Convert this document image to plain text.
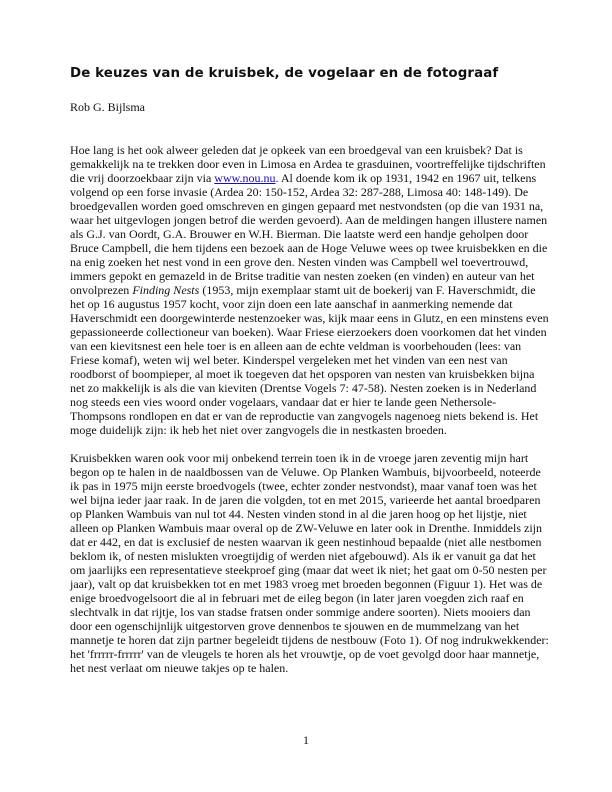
De keuzes van de kruisbek, de vogelaar en de fotograaf

Rob G. Bijlsma

Hoe lang is het ook alweer geleden dat je opkeek van een broedgeval van een kruisbek? Dat is gemakkelijk na te trekken door even in Limosa en Ardea te grasduinen, voortreffelijke tijdschriften die vrij doorzoekbaar zijn via www.nou.nu. Al doende kom ik op 1931, 1942 en 1967 uit, telkens volgend op een forse invasie (Ardea 20: 150-152, Ardea 32: 287-288, Limosa 40: 148-149). De broedgevallen worden goed omschreven en gingen gepaard met nestvondsten (op die van 1931 na, waar het uitgevlogen jongen betrof die werden gevoerd). Aan de meldingen hangen illustere namen als G.J. van Oordt, G.A. Brouwer en W.H. Bierman. Die laatste werd een handje geholpen door Bruce Campbell, die hem tijdens een bezoek aan de Hoge Veluwe wees op twee kruisbekken en die na enig zoeken het nest vond in een grove den. Nesten vinden was Campbell wel toevertrouwd, immers gepokt en gemazeld in de Britse traditie van nesten zoeken (en vinden) en auteur van het onvolprezen Finding Nests (1953, mijn exemplaar stamt uit de boekerij van F. Haverschmidt, die het op 16 augustus 1957 kocht, voor zijn doen een late aanschaf in aanmerking nemende dat Haverschmidt een doorgewinterde nestenzoeker was, kijk maar eens in Glutz, en een minstens even gepassioneerde collectioneur van boeken). Waar Friese eierzoekers doen voorkomen dat het vinden van een kievitsnest een hele toer is en alleen aan de echte veldman is voorbehouden (lees: van Friese komaf), weten wij wel beter. Kinderspel vergeleken met het vinden van een nest van roodborst of boompieper, al moet ik toegeven dat het opsporen van nesten van kruisbekken bijna net zo makkelijk is als die van kieviten (Drentse Vogels 7: 47-58). Nesten zoeken is in Nederland nog steeds een vies woord onder vogelaars, vandaar dat er hier te lande geen Nethersole-Thompsons rondlopen en dat er van de reproductie van zangvogels nagenoeg niets bekend is. Het moge duidelijk zijn: ik heb het niet over zangvogels die in nestkasten broeden.

Kruisbekken waren ook voor mij onbekend terrein toen ik in de vroege jaren zeventig mijn hart begon op te halen in de naaldbossen van de Veluwe. Op Planken Wambuis, bijvoorbeeld, noteerde ik pas in 1975 mijn eerste broedvogels (twee, echter zonder nestvondst), maar vanaf toen was het wel bijna ieder jaar raak. In de jaren die volgden, tot en met 2015, varieerde het aantal broedparen op Planken Wambuis van nul tot 44. Nesten vinden stond in al die jaren hoog op het lijstje, niet alleen op Planken Wambuis maar overal op de ZW-Veluwe en later ook in Drenthe. Inmiddels zijn dat er 442, en dat is exclusief de nesten waarvan ik geen nestinhoud bepaalde (niet alle nestbomen beklom ik, of nesten mislukten vroegtijdig of werden niet afgebouwd). Als ik er vanuit ga dat het om jaarlijks een representatieve steekproef ging (maar dat weet ik niet; het gaat om 0-50 nesten per jaar), valt op dat kruisbekken tot en met 1983 vroeg met broeden begonnen (Figuur 1). Het was de enige broedvogelsoort die al in februari met de eileg begon (in later jaren voegden zich raaf en slechtvalk in dat rijtje, los van stadse fratsen onder sommige andere soorten). Niets mooiers dan door een ogenschijnlijk uitgestorven grove dennenbos te sjouwen en de mummelzang van het mannetje te horen dat zijn partner begeleidt tijdens de nestbouw (Foto 1). Of nog indrukwekkender: het 'frrrrr-frrrrr' van de vleugels te horen als het vrouwtje, op de voet gevolgd door haar mannetje, het nest verlaat om nieuwe takjes op te halen.

1
